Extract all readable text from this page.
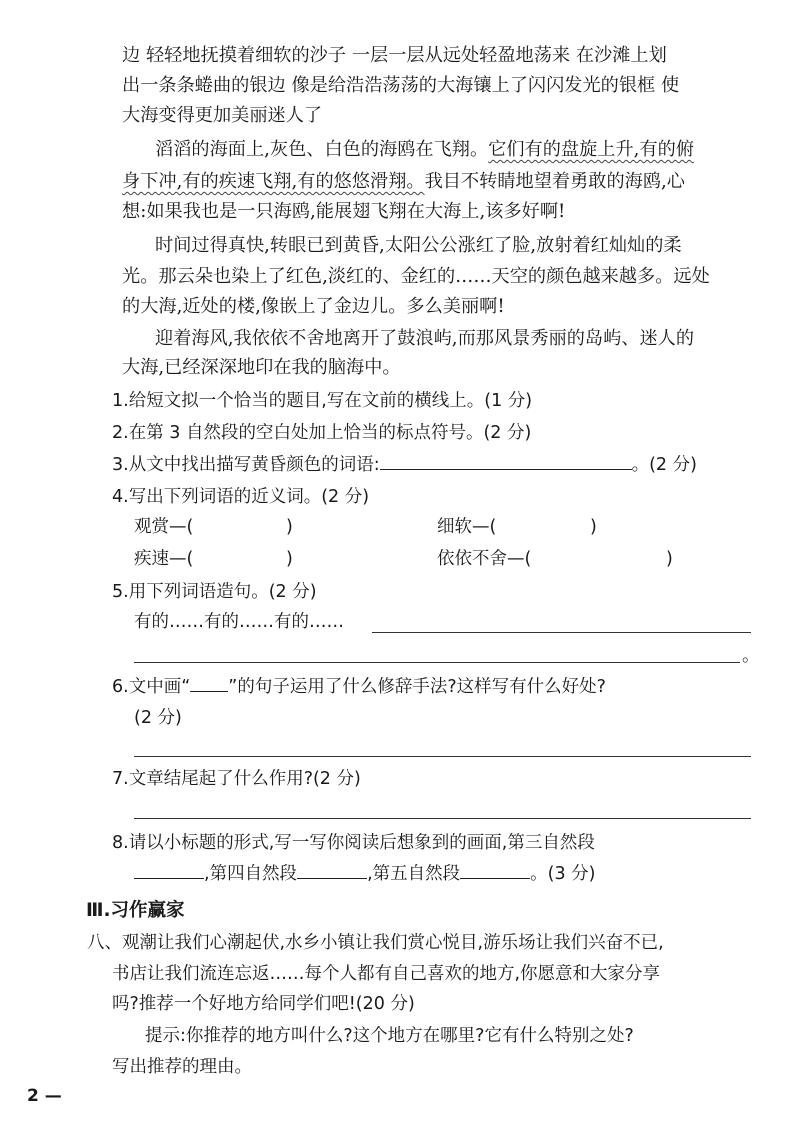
边 轻轻地抚摸着细软的沙子 一层一层从远处轻盈地荡来 在沙滩上划
出一条条蜷曲的银边 像是给浩浩荡荡的大海镶上了闪闪发光的银框 使
大海变得更加美丽迷人了
滔滔的海面上,灰色、白色的海鸥在飞翔。它们有的盘旋上升,有的俯
身下冲,有的疾速飞翔,有的悠悠滑翔。我目不转睛地望着勇敢的海鸥,心
想:如果我也是一只海鸥,能展翅飞翔在大海上,该多好啊!
时间过得真快,转眼已到黄昏,太阳公公涨红了脸,放射着红灿灿的柔
光。那云朵也染上了红色,淡红的、金红的……天空的颜色越来越多。远处
的大海,近处的楼,像嵌上了金边儿。多么美丽啊!
迎着海风,我依依不舍地离开了鼓浪屿,而那风景秀丽的岛屿、迷人的
大海,已经深深地印在我的脑海中。
1.给短文拟一个恰当的题目,写在文前的横线上。(1 分)
2.在第 3 自然段的空白处加上恰当的标点符号。(2 分)
3.从文中找出描写黄昏颜色的词语:	。(2 分)
4.写出下列词语的近义词。(2 分)
观赏—(	)	细软—(	)
疾速—(	)	依依不舍—(	)
5.用下列词语造句。(2 分)
有的……有的……有的……
。
6.文中画“ ”的句子运用了什么修辞手法?这样写有什么好处?
(2 分)
7.文章结尾起了什么作用?(2 分)
8.请以小标题的形式,写一写你阅读后想象到的画面,第三自然段
,第四自然段	,第五自然段	。(3 分)
Ⅲ.习作赢家
八、观潮让我们心潮起伏,水乡小镇让我们赏心悦目,游乐场让我们兴奋不已,
书店让我们流连忘返……每个人都有自己喜欢的地方,你愿意和大家分享
吗?推荐一个好地方给同学们吧!(20 分)
提示:你推荐的地方叫什么?这个地方在哪里?它有什么特别之处?
写出推荐的理由。
2 —
